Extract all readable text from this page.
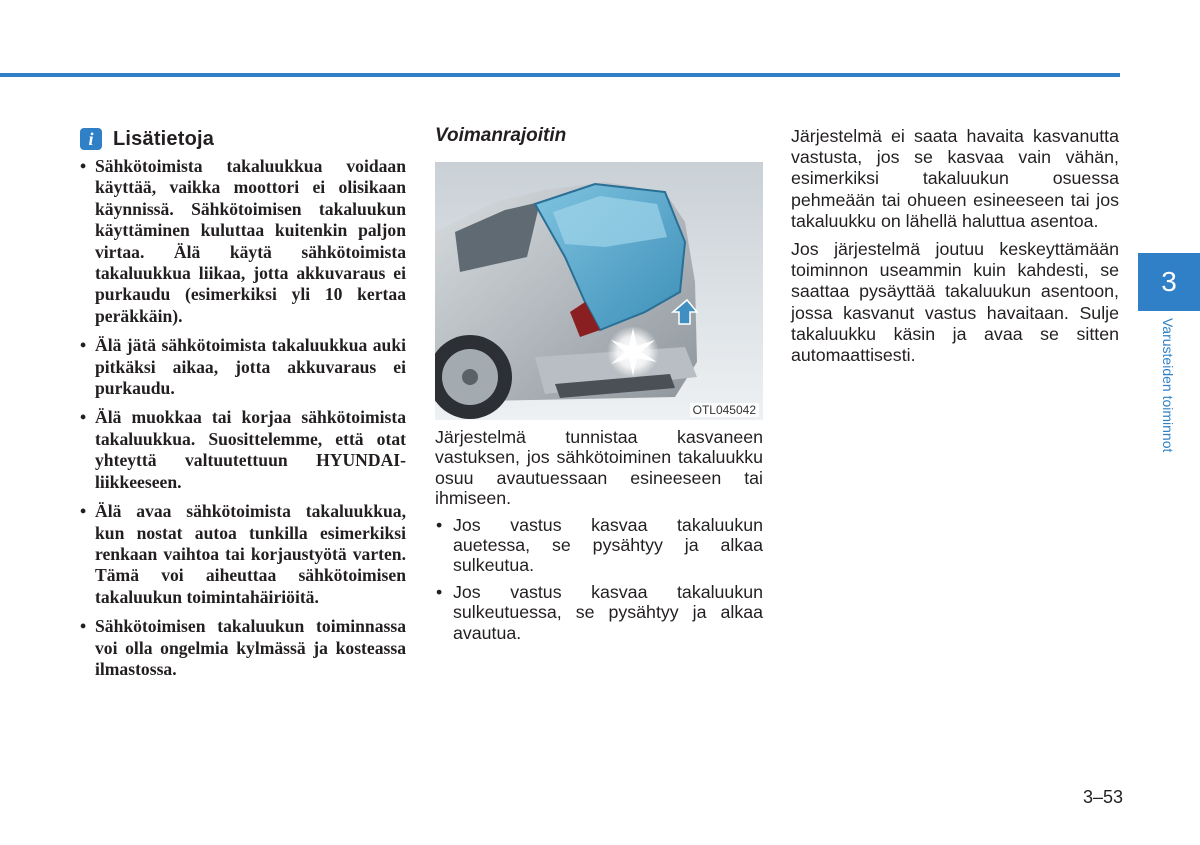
i Lisätietoja
• Sähkötoimista takaluukkua voidaan käyttää, vaikka moottori ei olisikaan käynnissä. Sähkötoimisen takaluukun käyttäminen kuluttaa kuitenkin paljon virtaa. Älä käytä sähkötoimista takaluukkua liikaa, jotta akkuvaraus ei purkaudu (esimerkiksi yli 10 kertaa peräkkäin).
• Älä jätä sähkötoimista takaluukkua auki pitkäksi aikaa, jotta akkuvaraus ei purkaudu.
• Älä muokkaa tai korjaa sähkötoimista takaluukkua. Suosittelemme, että otat yhteyttä valtuutettuun HYUNDAI-liikkeeseen.
• Älä avaa sähkötoimista takaluukkua, kun nostat autoa tunkilla esimerkiksi renkaan vaihtoa tai korjaustyötä varten. Tämä voi aiheuttaa sähkötoimisen takaluukun toimintahäiriöitä.
• Sähkötoimisen takaluukun toiminnassa voi olla ongelmia kylmässä ja kosteassa ilmastossa.
Voimanrajoitin
OTL045042

Järjestelmä tunnistaa kasvaneen vastuksen, jos sähkötoiminen takaluukku osuu avautuessaan esineeseen tai ihmiseen.

• Jos vastus kasvaa takaluukun auetessa, se pysähtyy ja alkaa sulkeutua.
• Jos vastus kasvaa takaluukun sulkeutuessa, se pysähtyy ja alkaa avautua.

Järjestelmä ei saata havaita kasvanutta vastusta, jos se kasvaa vain vähän, esimerkiksi takaluukun osuessa pehmeään tai ohueen esineeseen tai jos takaluukku on lähellä haluttua asentoa.

Jos järjestelmä joutuu keskeyttämään toiminnon useammin kuin kahdesti, se saattaa pysäyttää takaluukun asentoon, jossa kasvanut vastus havaitaan. Sulje takaluukku käsin ja avaa se sitten automaattisesti.

3
Varusteiden toiminnot
3–53
